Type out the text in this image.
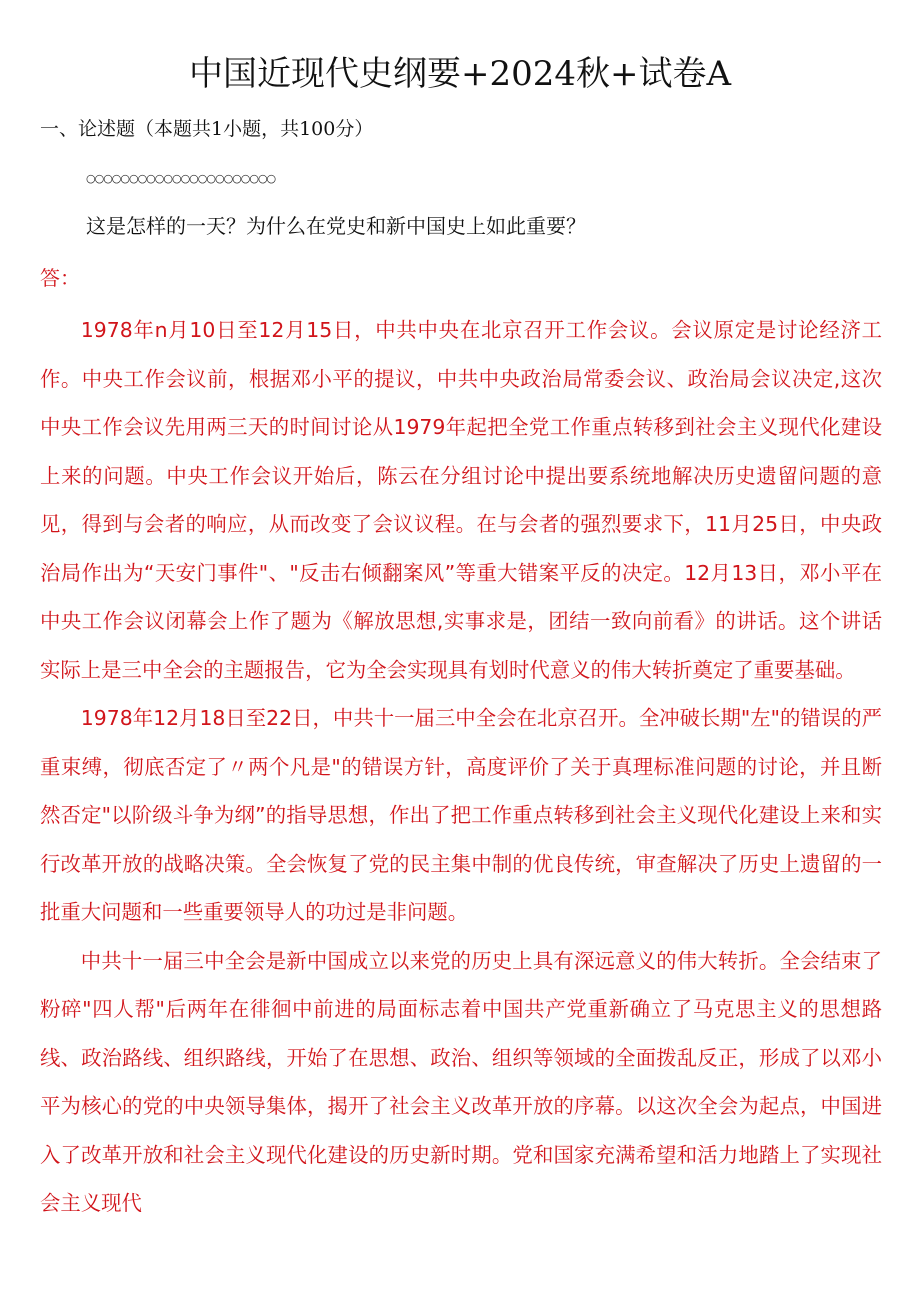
中国近现代史纲要+2024秋+试卷A
一、论述题（本题共1小题，共100分）
○○○○○○○○○○○○○○○○○○○○○○
这是怎样的一天？为什么在党史和新中国史上如此重要？
答：

1978年n月10日至12月15日，中共中央在北京召开工作会议。会议原定是讨论经济工作。中央工作会议前，根据邓小平的提议，中共中央政治局常委会议、政治局会议决定,这次中央工作会议先用两三天的时间讨论从1979年起把全党工作重点转移到社会主义现代化建设上来的问题。中央工作会议开始后，陈云在分组讨论中提出要系统地解决历史遗留问题的意见，得到与会者的响应，从而改变了会议议程。在与会者的强烈要求下，11月25日，中央政治局作出为“天安门事件"、"反击右倾翻案风”等重大错案平反的决定。12月13日，邓小平在中央工作会议闭幕会上作了题为《解放思想,实事求是，团结一致向前看》的讲话。这个讲话实际上是三中全会的主题报告，它为全会实现具有划时代意义的伟大转折奠定了重要基础。

1978年12月18日至22日，中共十一届三中全会在北京召开。全冲破长期"左"的错误的严重束缚，彻底否定了〃两个凡是"的错误方针，高度评价了关于真理标准问题的讨论，并且断然否定"以阶级斗争为纲”的指导思想，作出了把工作重点转移到社会主义现代化建设上来和实行改革开放的战略决策。全会恢复了党的民主集中制的优良传统，审查解决了历史上遗留的一批重大问题和一些重要领导人的功过是非问题。

中共十一届三中全会是新中国成立以来党的历史上具有深远意义的伟大转折。全会结束了粉碎"四人帮"后两年在徘徊中前进的局面标志着中国共产党重新确立了马克思主义的思想路线、政治路线、组织路线，开始了在思想、政治、组织等领域的全面拨乱反正，形成了以邓小平为核心的党的中央领导集体，揭开了社会主义改革开放的序幕。以这次全会为起点，中国进入了改革开放和社会主义现代化建设的历史新时期。党和国家充满希望和活力地踏上了实现社会主义现代
